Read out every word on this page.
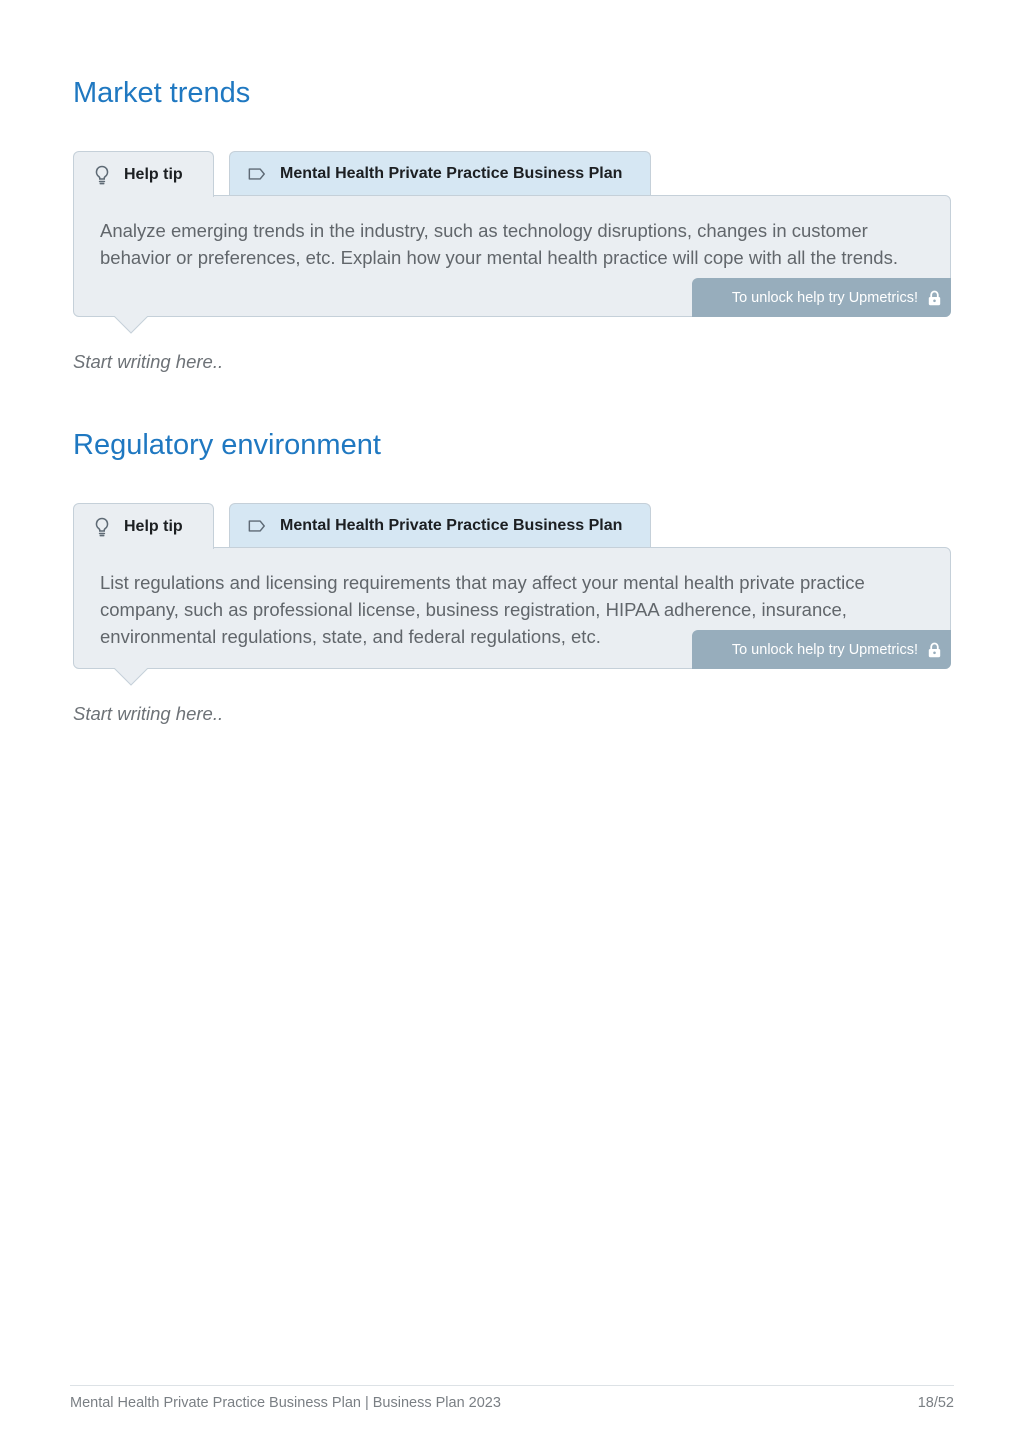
Market trends
Help tip	Mental Health Private Practice Business Plan

Analyze emerging trends in the industry, such as technology disruptions, changes in customer behavior or preferences, etc. Explain how your mental health practice will cope with all the trends.

To unlock help try Upmetrics!

Start writing here..

Regulatory environment
Help tip	Mental Health Private Practice Business Plan

List regulations and licensing requirements that may affect your mental health private practice company, such as professional license, business registration, HIPAA adherence, insurance, environmental regulations, state, and federal regulations, etc.

To unlock help try Upmetrics!

Start writing here..

Mental Health Private Practice Business Plan | Business Plan 2023	18/52
